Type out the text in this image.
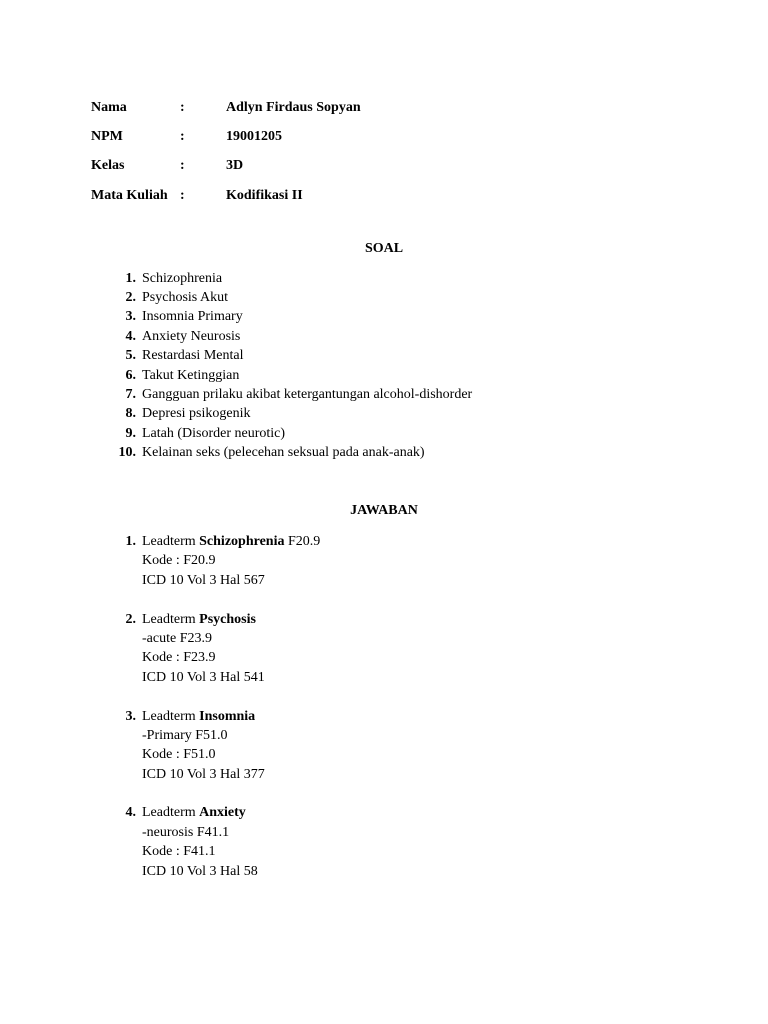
Nama	:	Adlyn Firdaus Sopyan
NPM	:	19001205
Kelas	:	3D
Mata Kuliah :	Kodifikasi II
SOAL
1. Schizophrenia
2. Psychosis Akut
3. Insomnia Primary
4. Anxiety Neurosis
5. Restardasi Mental
6. Takut Ketinggian
7. Gangguan prilaku akibat ketergantungan alcohol-dishorder
8. Depresi psikogenik
9. Latah (Disorder neurotic)
10. Kelainan seks (pelecehan seksual pada anak-anak)
JAWABAN
1. Leadterm Schizophrenia F20.9
Kode : F20.9
ICD 10 Vol 3 Hal 567
2. Leadterm Psychosis
-acute F23.9
Kode : F23.9
ICD 10 Vol 3 Hal 541
3. Leadterm Insomnia
-Primary F51.0
Kode : F51.0
ICD 10 Vol 3 Hal 377
4. Leadterm Anxiety
-neurosis F41.1
Kode : F41.1
ICD 10 Vol 3 Hal 58
